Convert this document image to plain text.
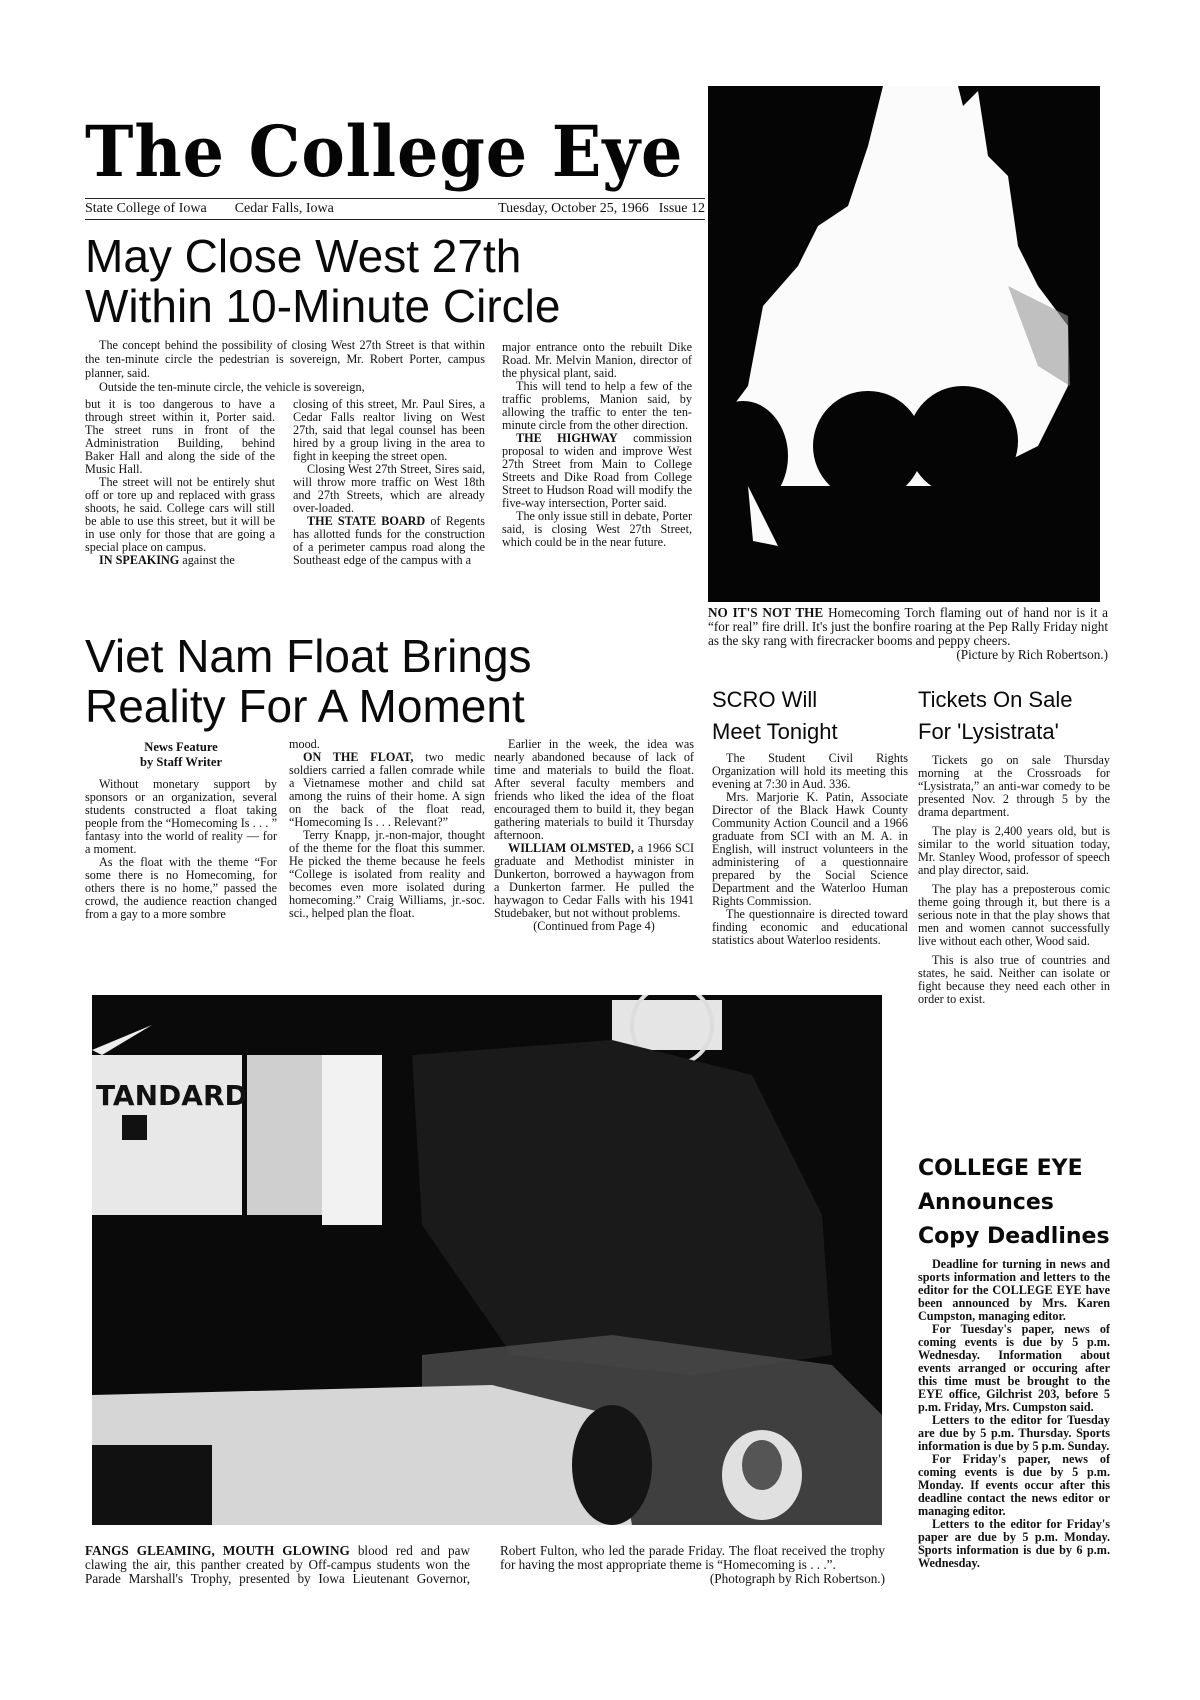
The College Eye
State College of Iowa Cedar Falls, Iowa	Tuesday, October 25, 1966 Issue 12
May Close West 27th
Within 10-Minute Circle

The concept behind the possibility of closing West 27th Street is that within the ten-minute circle the pedestrian is sovereign, Mr. Robert Porter, campus planner, said.

Outside the ten-minute circle, the vehicle is sovereign,

but it is too dangerous to have a through street within it, Porter said. The street runs in front of the Administration Building, behind Baker Hall and along the side of the Music Hall.

The street will not be entirely shut off or tore up and replaced with grass shoots, he said. College cars will still be able to use this street, but it will be in use only for those that are going a special place on campus.

IN SPEAKING against the

closing of this street, Mr. Paul Sires, a Cedar Falls realtor living on West 27th, said that legal counsel has been hired by a group living in the area to fight in keeping the street open.

Closing West 27th Street, Sires said, will throw more traffic on West 18th and 27th Streets, which are already over-loaded.

THE STATE BOARD of Regents has allotted funds for the construction of a perimeter campus road along the Southeast edge of the campus with a

major entrance onto the rebuilt Dike Road. Mr. Melvin Manion, director of the physical plant, said.

This will tend to help a few of the traffic problems, Manion said, by allowing the traffic to enter the ten-minute circle from the other direction.

THE HIGHWAY commission proposal to widen and improve West 27th Street from Main to College Streets and Dike Road from College Street to Hudson Road will modify the five-way intersection, Porter said.

The only issue still in debate, Porter said, is closing West 27th Street, which could be in the near future.

NO IT'S NOT THE Homecoming Torch flaming out of hand nor is it a “for real” fire drill. It's just the bonfire roaring at the Pep Rally Friday night as the sky rang with firecracker booms and peppy cheers.
(Picture by Rich Robertson.)
Viet Nam Float Brings
Reality For A Moment
News Feature
by Staff Writer

Without monetary support by sponsors or an organization, several students constructed a float taking people from the “Homecoming Is . . . ” fantasy into the world of reality — for a moment.

As the float with the theme “For some there is no Homecoming, for others there is no home,” passed the crowd, the audience reaction changed from a gay to a more sombre

mood.

ON THE FLOAT, two medic soldiers carried a fallen comrade while a Vietnamese mother and child sat among the ruins of their home. A sign on the back of the float read, “Homecoming Is . . . Relevant?”

Terry Knapp, jr.-non-major, thought of the theme for the float this summer. He picked the theme because he feels “College is isolated from reality and becomes even more isolated during homecoming.” Craig Williams, jr.-soc. sci., helped plan the float.

Earlier in the week, the idea was nearly abandoned because of lack of time and materials to build the float. After several faculty members and friends who liked the idea of the float encouraged them to build it, they began gathering materials to build it Thursday afternoon.

WILLIAM OLMSTED, a 1966 SCI graduate and Methodist minister in Dunkerton, borrowed a haywagon from a Dunkerton farmer. He pulled the haywagon to Cedar Falls with his 1941 Studebaker, but not without problems.

(Continued from Page 4)
SCRO Will
Meet Tonight

The Student Civil Rights Organization will hold its meeting this evening at 7:30 in Aud. 336.

Mrs. Marjorie K. Patin, Associate Director of the Black Hawk County Community Action Council and a 1966 graduate from SCI with an M. A. in English, will instruct volunteers in the administering of a questionnaire prepared by the Social Science Department and the Waterloo Human Rights Commission.

The questionnaire is directed toward finding economic and educational statistics about Waterloo residents.

Tickets On Sale
For 'Lysistrata'

Tickets go on sale Thursday morning at the Crossroads for “Lysistrata,” an anti-war comedy to be presented Nov. 2 through 5 by the drama department.

The play is 2,400 years old, but is similar to the world situation today, Mr. Stanley Wood, professor of speech and play director, said.

The play has a preposterous comic theme going through it, but there is a serious note in that the play shows that men and women cannot successfully live without each other, Wood said.

This is also true of countries and states, he said. Neither can isolate or fight because they need each other in order to exist.

TANDARD
FANGS GLEAMING, MOUTH GLOWING blood red and paw clawing the air, this panther created by Off-campus students won the Parade Marshall's Trophy, presented by Iowa Lieutenant Governor, Robert Fulton, who led the parade Friday. The float received the trophy for having the most appropriate theme is “Homecoming is . . .”.
(Photograph by Rich Robertson.)
COLLEGE EYE
Announces
Copy Deadlines

Deadline for turning in news and sports information and letters to the editor for the COLLEGE EYE have been announced by Mrs. Karen Cumpston, managing editor.

For Tuesday's paper, news of coming events is due by 5 p.m. Wednesday. Information about events arranged or occuring after this time must be brought to the EYE office, Gilchrist 203, before 5 p.m. Friday, Mrs. Cumpston said.

Letters to the editor for Tuesday are due by 5 p.m. Thursday. Sports information is due by 5 p.m. Sunday.

For Friday's paper, news of coming events is due by 5 p.m. Monday. If events occur after this deadline contact the news editor or managing editor.

Letters to the editor for Friday's paper are due by 5 p.m. Monday. Sports information is due by 6 p.m. Wednesday.
